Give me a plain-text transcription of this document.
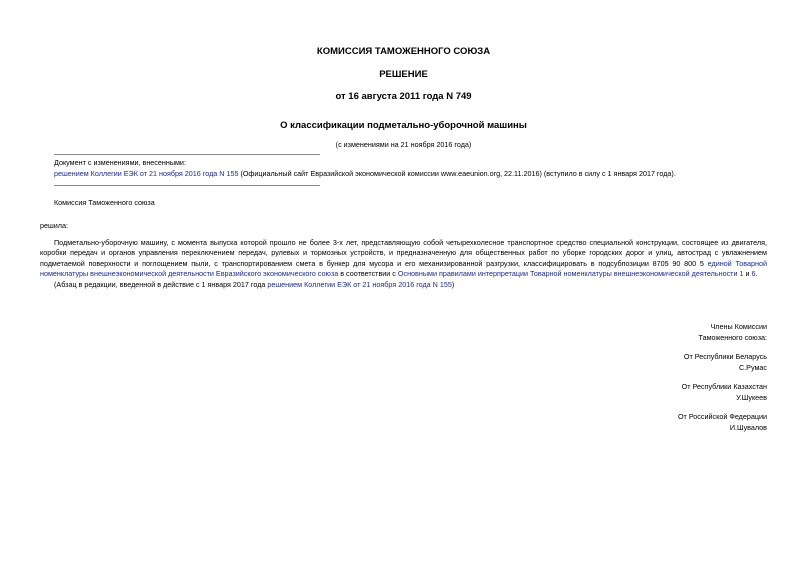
КОМИССИЯ ТАМОЖЕННОГО СОЮЗА
РЕШЕНИЕ
от 16 августа 2011 года N 749
О классификации подметально-уборочной машины
(с изменениями на 21 ноября 2016 года)
Документ с изменениями, внесенными:
решением Коллегии ЕЭК от 21 ноября 2016 года N 155 (Официальный сайт Евразийской экономической комиссии www.eaeunion.org, 22.11.2016) (вступило в силу с 1 января 2017 года).
Комиссия Таможенного союза
решила:
Подметально-уборочную машину, с момента выпуска которой прошло не более 3-х лет, представляющую собой четырехколесное транспортное средство специальной конструкции, состоящее из двигателя, коробки передач и органов управления переключением передач, рулевых и тормозных устройств, и предназначенную для общественных работ по уборке городских дорог и улиц, автострад с увлажнением подметаемой поверхности и поглощением пыли, с транспортированием смета в бункер для мусора и его механизированной разгрузки, классифицировать в подсубпозиции 8705 90 800 5 единой Товарной номенклатуры внешнеэкономической деятельности Евразийского экономического союза в соответствии с Основными правилами интерпретации Товарной номенклатуры внешнеэкономической деятельности 1 и 6.
(Абзац в редакции, введенной в действие с 1 января 2017 года решением Коллегии ЕЭК от 21 ноября 2016 года N 155)
Члены Комиссии
Таможенного союза:
От Республики Беларусь
С.Румас
От Республики Казахстан
У.Шукеев
От Российской Федерации
И.Шувалов
